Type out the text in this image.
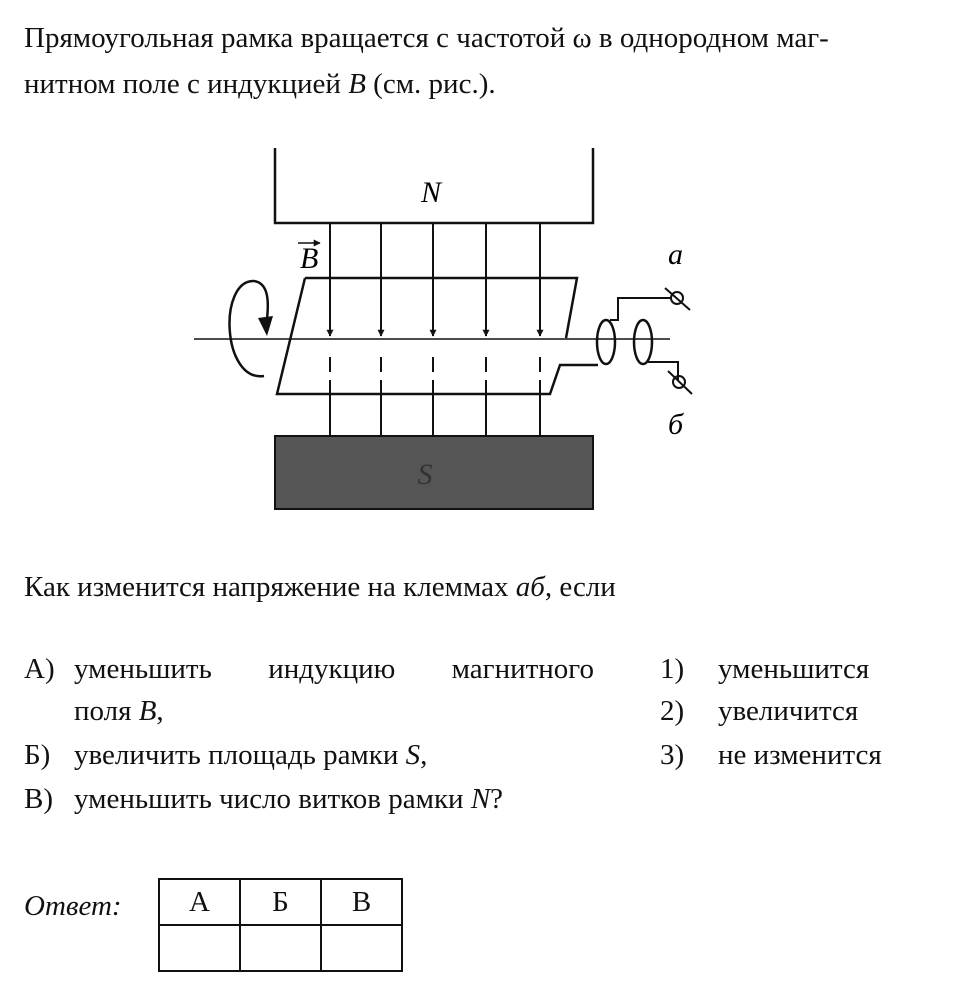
Прямоугольная рамка вращается с частотой ω в однородном маг-
нитном поле с индукцией B (см. рис.).
N
S
B	а
б
Как изменится напряжение на клеммах аб, если
А) уменьшить индукцию магнитного
поля B,
Б) увеличить площадь рамки S,
В) уменьшить число витков рамки N?
1) уменьшится
2) увеличится
3) не изменится
Ответ: А	Б	В
